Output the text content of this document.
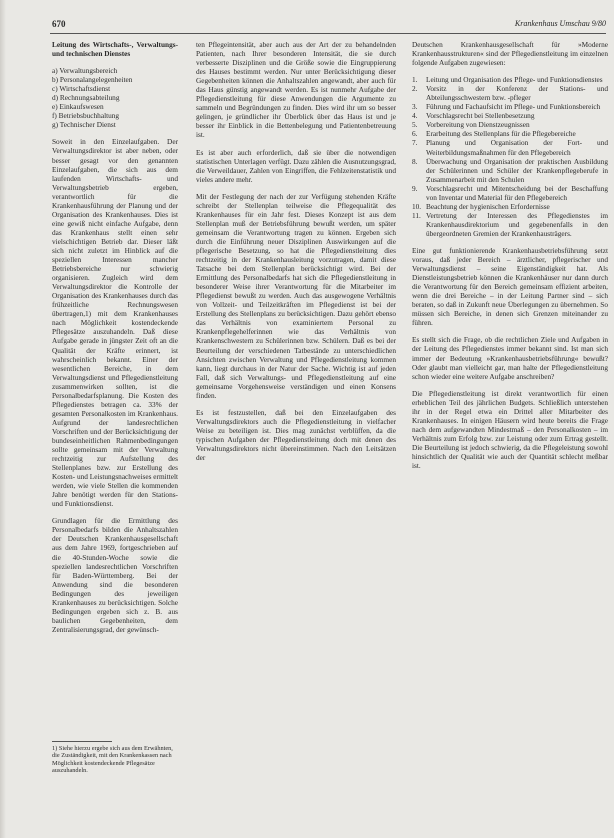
670	Krankenhaus Umschau 9/80

Leitung des Wirtschafts-, Verwaltungs- und technischen Dienstes

a) Verwaltungsbereich
b) Personalangelegenheiten
c) Wirtschaftsdienst
d) Rechnungsabteilung
e) Einkaufswesen
f) Betriebsbuchhaltung
g) Technischer Dienst

Soweit in den Einzelaufgaben. Der Verwaltungsdirektor ist aber neben, oder besser gesagt vor den genannten Einzelaufgaben, die sich aus dem laufenden Wirtschafts- und Verwaltungsbetrieb ergeben, verantwortlich für die Krankenhausführung der Planung und der Organisation des Krankenhauses. Dies ist eine gewiß nicht einfache Aufgabe, denn das Krankenhaus stellt einen sehr vielschichtigen Betrieb dar. Dieser läßt sich nicht zuletzt im Hinblick auf die speziellen Interessen mancher Betriebsbereiche nur schwierig organisieren. Zugleich wird dem Verwaltungsdirektor die Kontrolle der Organisation des Krankenhauses durch das frühzeitliche Rechnungswesen übertragen,1) mit dem Krankenhauses nach Möglichkeit kostendeckende Pflegesätze auszuhandeln. Daß diese Aufgabe gerade in jüngster Zeit oft an die Qualität der Kräfte erinnert, ist wahrscheinlich bekannt. Einer der wesentlichen Bereiche, in dem Verwaltungsdienst und Pflegedienstleitung zusammenwirken sollten, ist die Personalbedarfsplanung. Die Kosten des Pflegedienstes betragen ca. 33% der gesamten Personalkosten im Krankenhaus. Aufgrund der landesrechtlichen Vorschriften und der Berücksichtigung der bundeseinheitlichen Rahmenbedingungen sollte gemeinsam mit der Verwaltung rechtzeitig zur Aufstellung des Stellenplanes bzw. zur Erstellung des Kosten- und Leistungsnachweises ermittelt werden, wie viele Stellen die kommenden Jahre benötigt werden für den Stations- und Funktionsdienst.

Grundlagen für die Ermittlung des Personalbedarfs bilden die Anhaltszahlen der Deutschen Krankenhausgesellschaft aus dem Jahre 1969, fortgeschrieben auf die 40-Stunden-Woche sowie die speziellen landesrechtlichen Vorschriften für Baden-Württemberg. Bei der Anwendung sind die besonderen Bedingungen des jeweiligen Krankenhauses zu berücksichtigen. Solche Bedingungen ergeben sich z. B. aus baulichen Gegebenheiten, dem Zentralisierungsgrad, der gewünsch-

ten Pflegeintensität, aber auch aus der Art der zu behandelnden Patienten, nach Ihrer besonderen Intensität, die sie durch verbesserte Disziplinen und die Größe sowie die Eingruppierung des Hauses bestimmt werden. Nur unter Berücksichtigung dieser Gegebenheiten können die Anhaltszahlen angewandt, aber auch für das Haus günstig angewandt werden. Es ist nunmehr Aufgabe der Pflegedienstleitung für diese Anwendungen die Argumente zu sammeln und Begründungen zu finden. Dies wird ihr um so besser gelingen, je gründlicher ihr Überblick über das Haus ist und je besser ihr Einblick in die Bettenbelegung und Patientenbetreuung ist.

Es ist aber auch erforderlich, daß sie über die notwendigen statistischen Unterlagen verfügt. Dazu zählen die Ausnutzungsgrad, die Verweildauer, Zahlen von Eingriffen, die Fehlzeitenstatistik und vieles andere mehr.

Mit der Festlegung der nach der zur Verfügung stehenden Kräfte schreibt der Stellenplan teilweise die Pflegequalität des Krankenhauses für ein Jahr fest. Dieses Konzept ist aus dem Stellenplan muß der Betriebsführung bewußt werden, um später gemeinsam die Verantwortung tragen zu können. Ergeben sich durch die Einführung neuer Disziplinen Auswirkungen auf die pflegerische Besetzung, so hat die Pflegedienstleitung dies rechtzeitig in der Krankenhausleitung vorzutragen, damit diese Tatsache bei dem Stellenplan berücksichtigt wird. Bei der Ermittlung des Personalbedarfs hat sich die Pflegedienstleitung in besonderer Weise ihrer Verantwortung für die Mitarbeiter im Pflegedienst bewußt zu werden. Auch das ausgewogene Verhältnis von Vollzeit- und Teilzeitkräften im Pflegedienst ist bei der Erstellung des Stellenplans zu berücksichtigen. Dazu gehört ebenso das Verhältnis von examiniertem Personal zu Krankenpflegehelferinnen wie das Verhältnis von Krankenschwestern zu Schülerinnen bzw. Schülern. Daß es bei der Beurteilung der verschiedenen Tatbestände zu unterschiedlichen Ansichten zwischen Verwaltung und Pflegedienstleitung kommen kann, liegt durchaus in der Natur der Sache. Wichtig ist auf jeden Fall, daß sich Verwaltungs- und Pflegedienstleitung auf eine gemeinsame Vorgehensweise verständigen und einen Konsens finden.

Es ist festzustellen, daß bei den Einzelaufgaben des Verwaltungsdirektors auch die Pflegedienstleitung in vielfacher Weise zu beteiligen ist. Dies mag zunächst verblüffen, da die typischen Aufgaben der Pflegedienstleitung doch mit denen des Verwaltungsdirektors nicht übereinstimmen. Nach den Leitsätzen der

Deutschen Krankenhausgesellschaft für »Moderne Krankenhausstrukturen« sind der Pflegedienstleitung im einzelnen folgende Aufgaben zugewiesen:

1.	Leitung und Organisation des Pflege- und Funktionsdienstes
2.	Vorsitz in der Konferenz der Stations- und Abteilungsschwestern bzw. -pfleger
3.	Führung und Fachaufsicht im Pflege- und Funktionsbereich
4.	Vorschlagsrecht bei Stellenbesetzung
5.	Vorbereitung von Dienstzeugnissen
6.	Erarbeitung des Stellenplans für die Pflegebereiche
7.	Planung und Organisation der Fort- und Weiterbildungsmaßnahmen für den Pflegebereich
8.	Überwachung und Organisation der praktischen Ausbildung der Schülerinnen und Schüler der Krankenpflegeberufe in Zusammenarbeit mit den Schulen
9.	Vorschlagsrecht und Mitentscheidung bei der Beschaffung von Inventar und Material für den Pflegebereich
10. Beachtung der hygienischen Erfordernisse
11. Vertretung der Interessen des Pflegedienstes im Krankenhausdirektorium und gegebenenfalls in den übergeordneten Gremien der Krankenhausträgers.

Eine gut funktionierende Krankenhausbetriebsführung setzt voraus, daß jeder Bereich – ärztlicher, pflegerischer und Verwaltungsdienst – seine Eigenständigkeit hat. Als Dienstleistungsbetrieb können die Krankenhäuser nur dann durch die Verantwortung für den Bereich gemeinsam effizient arbeiten, wenn die drei Bereiche – in der Leitung Partner sind – sich beraten, so daß in Zukunft neue Überlegungen zu übernehmen. So müssen sich Bereiche, in denen sich Grenzen miteinander zu führen.

Es stellt sich die Frage, ob die rechtlichen Ziele und Aufgaben in der Leitung des Pflegedienstes immer bekannt sind. Ist man sich immer der Bedeutung »Krankenhausbetriebsführung« bewußt? Oder glaubt man vielleicht gar, man halte der Pflegedienstleitung schon wieder eine weitere Aufgabe anschreiben?

Die Pflegedienstleitung ist direkt verantwortlich für einen erheblichen Teil des jährlichen Budgets. Schließlich unterstehen ihr in der Regel etwa ein Drittel aller Mitarbeiter des Krankenhauses. In einigen Häusern wird heute bereits die Frage nach dem aufgewandten Mindestmaß – den Personalkosten – im Verhältnis zum Erfolg bzw. zur Leistung oder zum Ertrag gestellt. Die Beurteilung ist jedoch schwierig, da die Pflegeleistung sowohl hinsichtlich der Qualität wie auch der Quantität schlecht meßbar ist.

1) Siehe hierzu ergebe sich aus dem Erwähnten, die Zuständigkeit, mit den Krankenkassen nach Möglichkeit kostendeckende Pflegesätze auszuhandeln.
